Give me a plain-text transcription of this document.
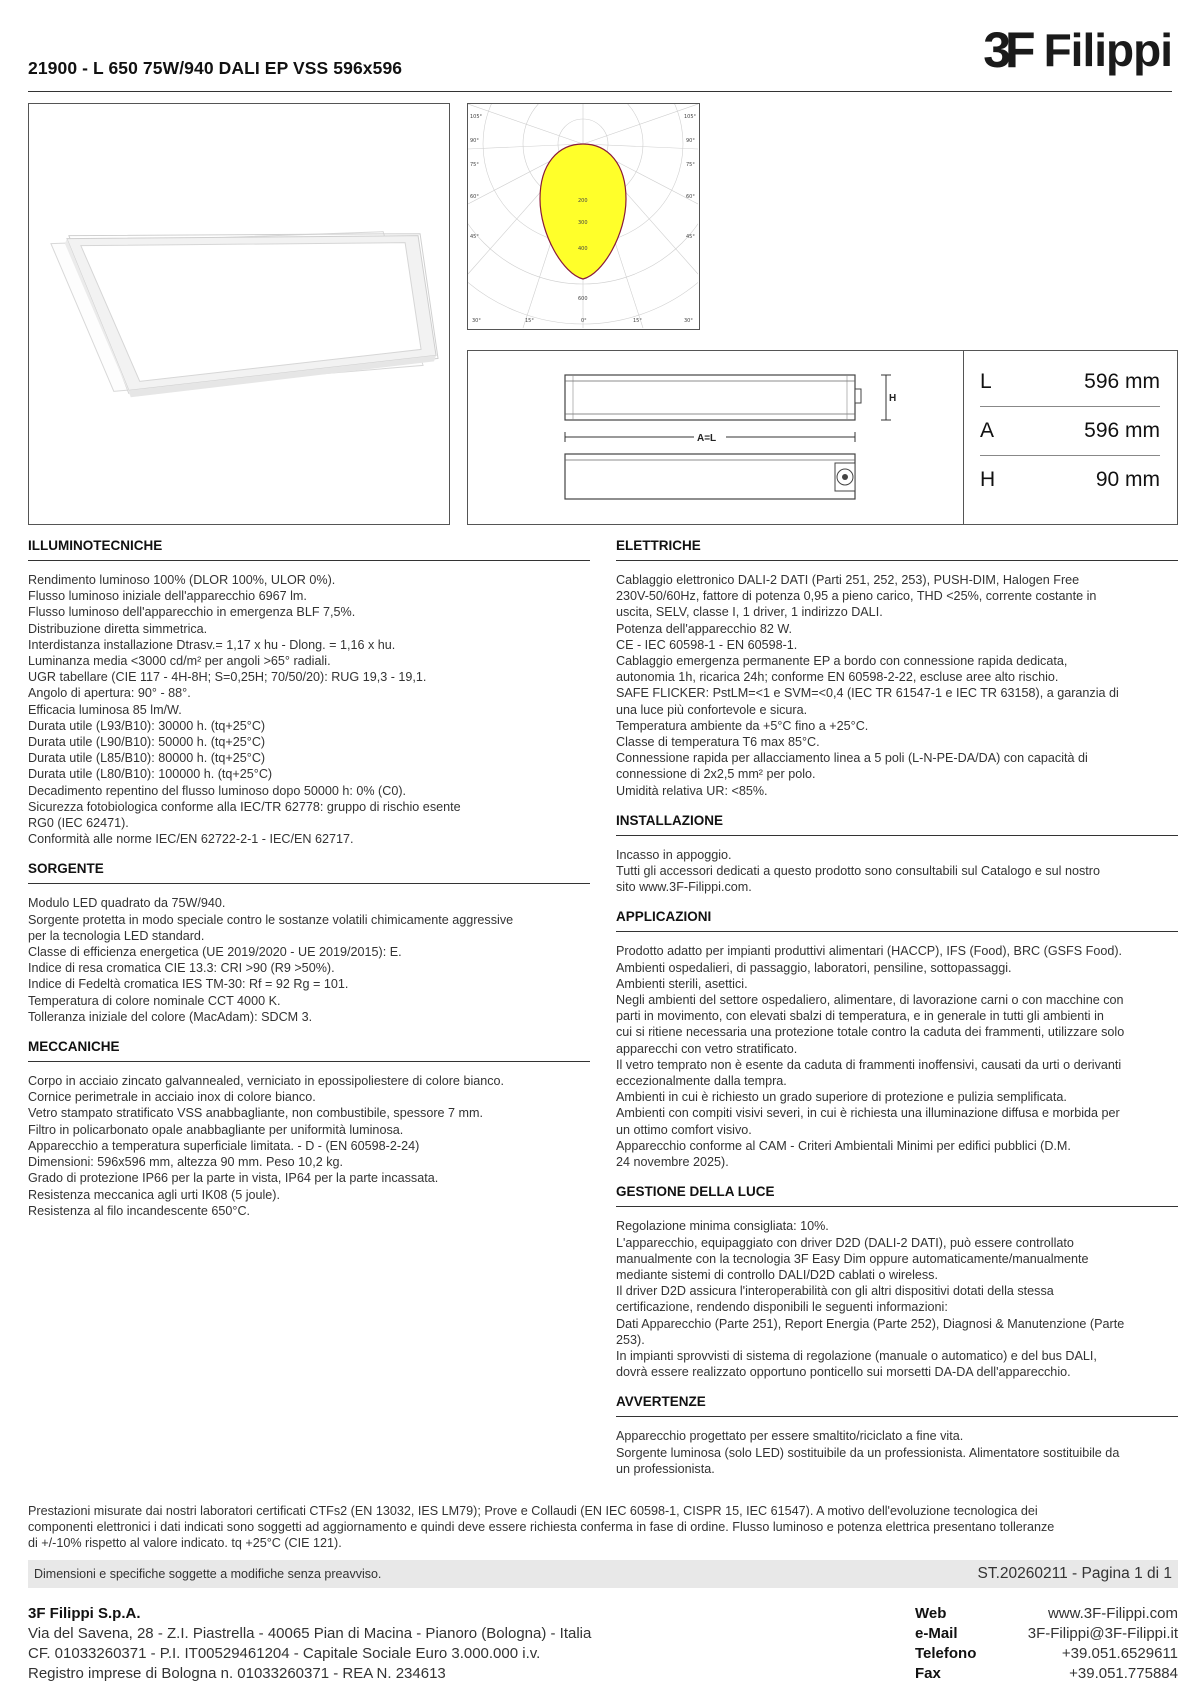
21900 - L 650 75W/940 DALI EP VSS 596x596	3F Filippi
105°
90°
75°
60°
45°
105°
90°
75°
60°
45°
30°	15°	0°	15°	30°
200
300
400
600
H
A=L
L	596 mm
A	596 mm
H	90 mm
ILLUMINOTECNICHE
Rendimento luminoso 100% (DLOR 100%, ULOR 0%).
Flusso luminoso iniziale dell'apparecchio 6967 lm.
Flusso luminoso dell'apparecchio in emergenza BLF 7,5%.
Distribuzione diretta simmetrica.
Interdistanza installazione Dtrasv.= 1,17 x hu - Dlong. = 1,16 x hu.
Luminanza media <3000 cd/m² per angoli >65° radiali.
UGR tabellare (CIE 117 - 4H-8H; S=0,25H; 70/50/20): RUG 19,3 - 19,1.
Angolo di apertura: 90° - 88°.
Efficacia luminosa 85 lm/W.
Durata utile (L93/B10): 30000 h. (tq+25°C)
Durata utile (L90/B10): 50000 h. (tq+25°C)
Durata utile (L85/B10): 80000 h. (tq+25°C)
Durata utile (L80/B10): 100000 h. (tq+25°C)
Decadimento repentino del flusso luminoso dopo 50000 h: 0% (C0).
Sicurezza fotobiologica conforme alla IEC/TR 62778: gruppo di rischio esente
RG0 (IEC 62471).
Conformità alle norme IEC/EN 62722-2-1 - IEC/EN 62717.
SORGENTE
Modulo LED quadrato da 75W/940.
Sorgente protetta in modo speciale contro le sostanze volatili chimicamente aggressive
per la tecnologia LED standard.
Classe di efficienza energetica (UE 2019/2020 - UE 2019/2015): E.
Indice di resa cromatica CIE 13.3: CRI >90 (R9 >50%).
Indice di Fedeltà cromatica IES TM-30: Rf = 92 Rg = 101.
Temperatura di colore nominale CCT 4000 K.
Tolleranza iniziale del colore (MacAdam): SDCM 3.
MECCANICHE
Corpo in acciaio zincato galvannealed, verniciato in epossipoliestere di colore bianco.
Cornice perimetrale in acciaio inox di colore bianco.
Vetro stampato stratificato VSS anabbagliante, non combustibile, spessore 7 mm.
Filtro in policarbonato opale anabbagliante per uniformità luminosa.
Apparecchio a temperatura superficiale limitata. - D - (EN 60598-2-24)
Dimensioni: 596x596 mm, altezza 90 mm. Peso 10,2 kg.
Grado di protezione IP66 per la parte in vista, IP64 per la parte incassata.
Resistenza meccanica agli urti IK08 (5 joule).
Resistenza al filo incandescente 650°C.
ELETTRICHE
Cablaggio elettronico DALI-2 DATI (Parti 251, 252, 253), PUSH-DIM, Halogen Free
230V-50/60Hz, fattore di potenza 0,95 a pieno carico, THD <25%, corrente costante in
uscita, SELV, classe I, 1 driver, 1 indirizzo DALI.
Potenza dell'apparecchio 82 W.
CE - IEC 60598-1 - EN 60598-1.
Cablaggio emergenza permanente EP a bordo con connessione rapida dedicata,
autonomia 1h, ricarica 24h; conforme EN 60598-2-22, escluse aree alto rischio.
SAFE FLICKER: PstLM=<1 e SVM=<0,4 (IEC TR 61547-1 e IEC TR 63158), a garanzia di
una luce più confortevole e sicura.
Temperatura ambiente da +5°C fino a +25°C.
Classe di temperatura T6 max 85°C.
Connessione rapida per allacciamento linea a 5 poli (L-N-PE-DA/DA) con capacità di
connessione di 2x2,5 mm² per polo.
Umidità relativa UR: <85%.
INSTALLAZIONE
Incasso in appoggio.
Tutti gli accessori dedicati a questo prodotto sono consultabili sul Catalogo e sul nostro
sito www.3F-Filippi.com.
APPLICAZIONI
Prodotto adatto per impianti produttivi alimentari (HACCP), IFS (Food), BRC (GSFS Food).
Ambienti ospedalieri, di passaggio, laboratori, pensiline, sottopassaggi.
Ambienti sterili, asettici.
Negli ambienti del settore ospedaliero, alimentare, di lavorazione carni o con macchine con
parti in movimento, con elevati sbalzi di temperatura, e in generale in tutti gli ambienti in
cui si ritiene necessaria una protezione totale contro la caduta dei frammenti, utilizzare solo
apparecchi con vetro stratificato.
Il vetro temprato non è esente da caduta di frammenti inoffensivi, causati da urti o derivanti
eccezionalmente dalla tempra.
Ambienti in cui è richiesto un grado superiore di protezione e pulizia semplificata.
Ambienti con compiti visivi severi, in cui è richiesta una illuminazione diffusa e morbida per
un ottimo comfort visivo.
Apparecchio conforme al CAM - Criteri Ambientali Minimi per edifici pubblici (D.M.
24 novembre 2025).
GESTIONE DELLA LUCE
Regolazione minima consigliata: 10%.
L'apparecchio, equipaggiato con driver D2D (DALI-2 DATI), può essere controllato
manualmente con la tecnologia 3F Easy Dim oppure automaticamente/manualmente
mediante sistemi di controllo DALI/D2D cablati o wireless.
Il driver D2D assicura l'interoperabilità con gli altri dispositivi dotati della stessa
certificazione, rendendo disponibili le seguenti informazioni:
Dati Apparecchio (Parte 251), Report Energia (Parte 252), Diagnosi & Manutenzione (Parte
253).
In impianti sprovvisti di sistema di regolazione (manuale o automatico) e del bus DALI,
dovrà essere realizzato opportuno ponticello sui morsetti DA-DA dell'apparecchio.
AVVERTENZE
Apparecchio progettato per essere smaltito/riciclato a fine vita.
Sorgente luminosa (solo LED) sostituibile da un professionista. Alimentatore sostituibile da
un professionista.
Prestazioni misurate dai nostri laboratori certificati CTFs2 (EN 13032, IES LM79); Prove e Collaudi (EN IEC 60598-1, CISPR 15, IEC 61547). A motivo dell'evoluzione tecnologica dei
componenti elettronici i dati indicati sono soggetti ad aggiornamento e quindi deve essere richiesta conferma in fase di ordine. Flusso luminoso e potenza elettrica presentano tolleranze
di +/-10% rispetto al valore indicato. tq +25°C (CIE 121).
Dimensioni e specifiche soggette a modifiche senza preavviso.	ST.20260211 - Pagina 1 di 1
3F Filippi S.p.A.
Via del Savena, 28 - Z.I. Piastrella - 40065 Pian di Macina - Pianoro (Bologna) - Italia
CF. 01033260371 - P.I. IT00529461204 - Capitale Sociale Euro 3.000.000 i.v.
Registro imprese di Bologna n. 01033260371 - REA N. 234613
Web	www.3F-Filippi.com
e-Mail	3F-Filippi@3F-Filippi.it
Telefono	+39.051.6529611
Fax	+39.051.775884
